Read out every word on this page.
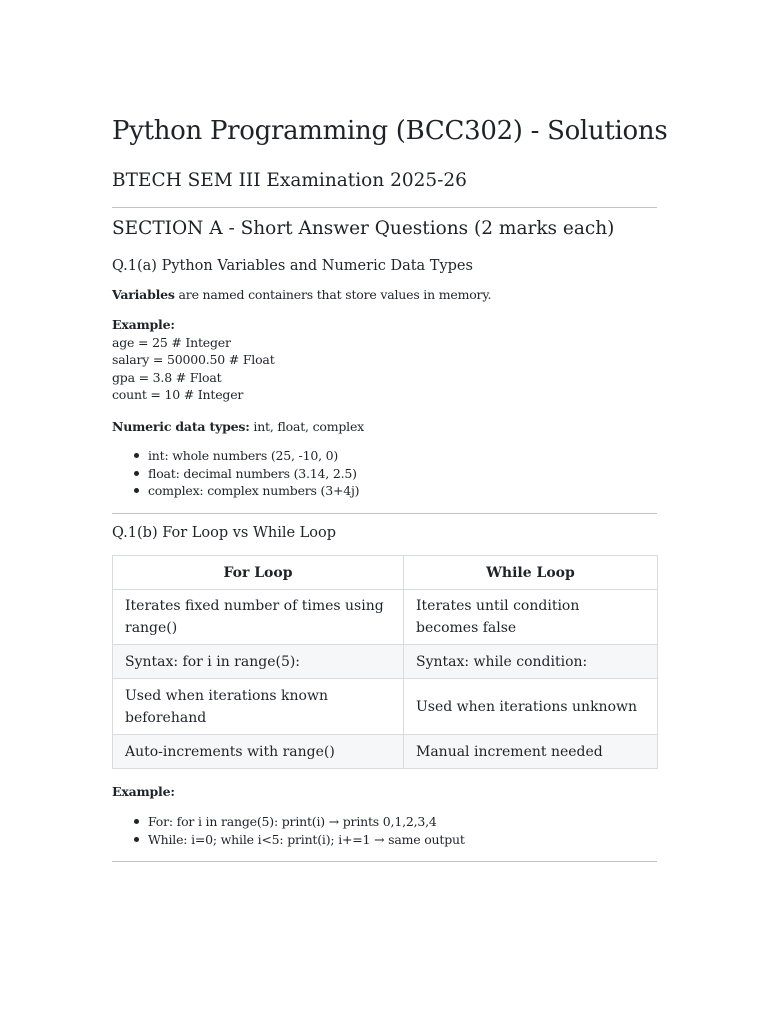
Python Programming (BCC302) - Solutions
BTECH SEM III Examination 2025-26
SECTION A - Short Answer Questions (2 marks each)
Q.1(a) Python Variables and Numeric Data Types
Variables are named containers that store values in memory.
Example:
age = 25 # Integer
salary = 50000.50 # Float
gpa = 3.8 # Float
count = 10 # Integer
Numeric data types: int, float, complex
int: whole numbers (25, -10, 0)
float: decimal numbers (3.14, 2.5)
complex: complex numbers (3+4j)
Q.1(b) For Loop vs While Loop
For Loop	While Loop
Iterates fixed number of times using range()	Iterates until condition becomes false
Syntax: for i in range(5):	Syntax: while condition:
Used when iterations known beforehand	Used when iterations unknown
Auto-increments with range()	Manual increment needed
Example:
For: for i in range(5): print(i) → prints 0,1,2,3,4
While: i=0; while i<5: print(i); i+=1 → same output
